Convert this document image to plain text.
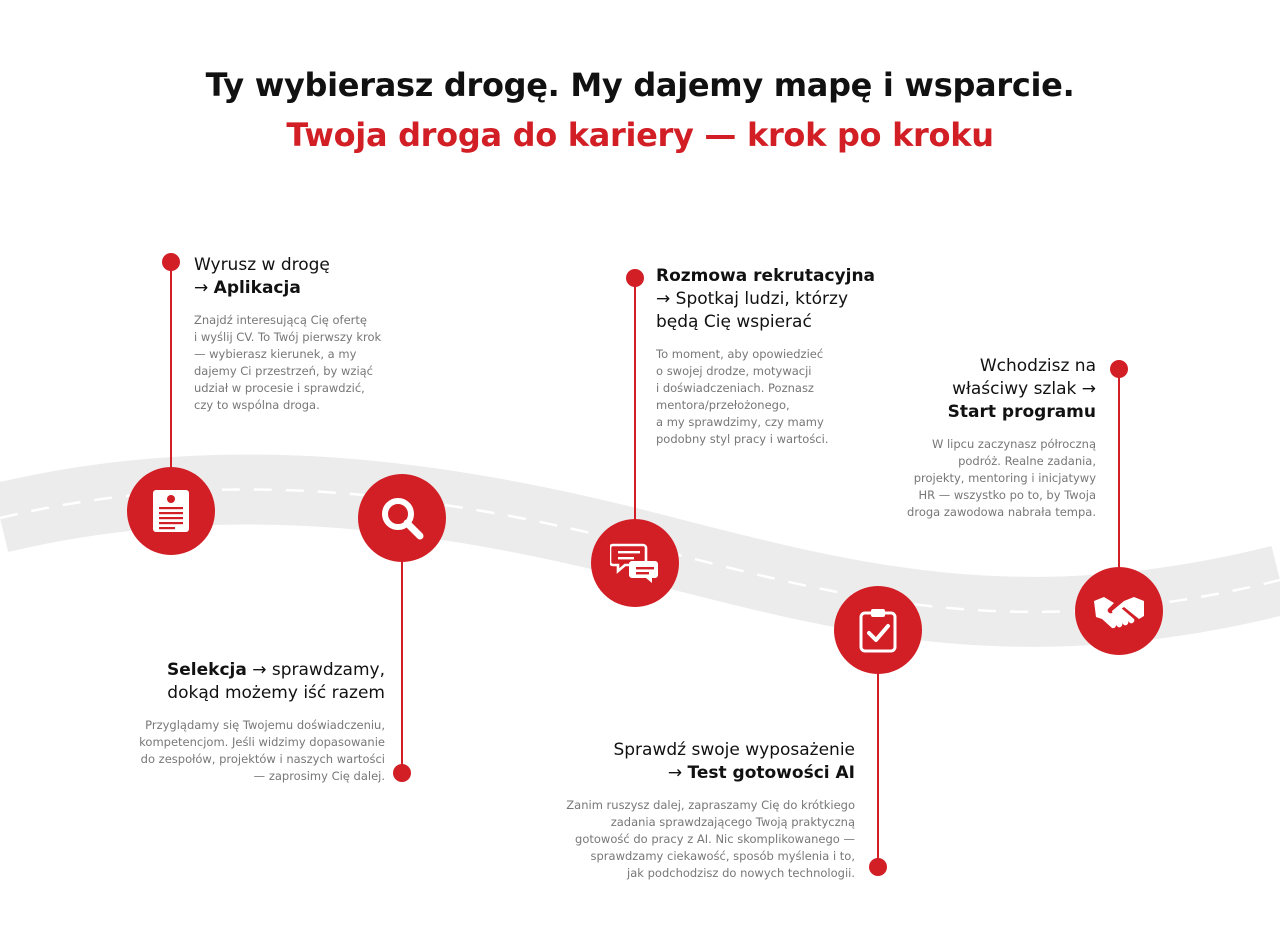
Ty wybierasz drogę. My dajemy mapę i wsparcie.
Twoja droga do kariery — krok po kroku
Wyrusz w drogę
→ Aplikacja
Znajdź interesującą Cię ofertę
i wyślij CV. To Twój pierwszy krok
— wybierasz kierunek, a my
dajemy Ci przestrzeń, by wziąć
udział w procesie i sprawdzić,
czy to wspólna droga.
Selekcja → sprawdzamy,
dokąd możemy iść razem
Przyglądamy się Twojemu doświadczeniu,
kompetencjom. Jeśli widzimy dopasowanie
do zespołów, projektów i naszych wartości
— zaprosimy Cię dalej.
Rozmowa rekrutacyjna
→ Spotkaj ludzi, którzy
będą Cię wspierać
To moment, aby opowiedzieć
o swojej drodze, motywacji
i doświadczeniach. Poznasz
mentora/przełożonego,
a my sprawdzimy, czy mamy
podobny styl pracy i wartości.
Sprawdź swoje wyposażenie
→ Test gotowości AI
Zanim ruszysz dalej, zapraszamy Cię do krótkiego
zadania sprawdzającego Twoją praktyczną
gotowość do pracy z AI. Nic skomplikowanego —
sprawdzamy ciekawość, sposób myślenia i to,
jak podchodzisz do nowych technologii.
Wchodzisz na
właściwy szlak →
Start programu
W lipcu zaczynasz półroczną
podróż. Realne zadania,
projekty, mentoring i inicjatywy
HR — wszystko po to, by Twoja
droga zawodowa nabrała tempa.
